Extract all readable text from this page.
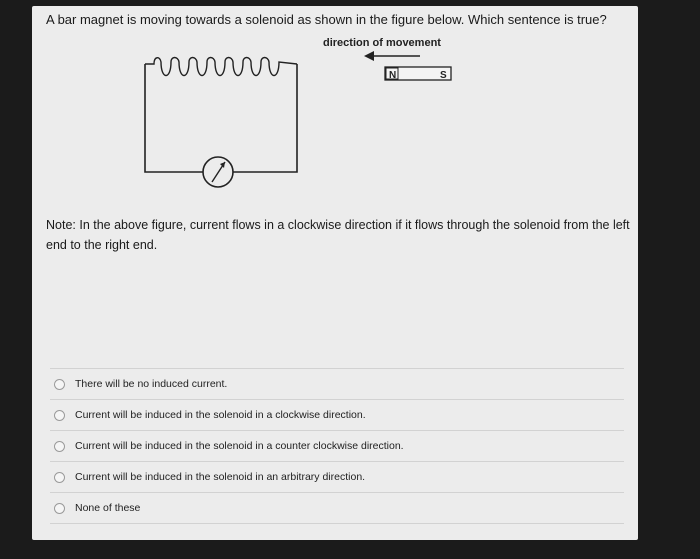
A bar magnet is moving towards a solenoid as shown in the figure below. Which sentence is true?
N	S
direction of movement
Note: In the above figure, current flows in a clockwise direction if it flows through the solenoid from the left end to the right end.
There will be no induced current.
Current will be induced in the solenoid in a clockwise direction.
Current will be induced in the solenoid in a counter clockwise direction.
Current will be induced in the solenoid in an arbitrary direction.
None of these
